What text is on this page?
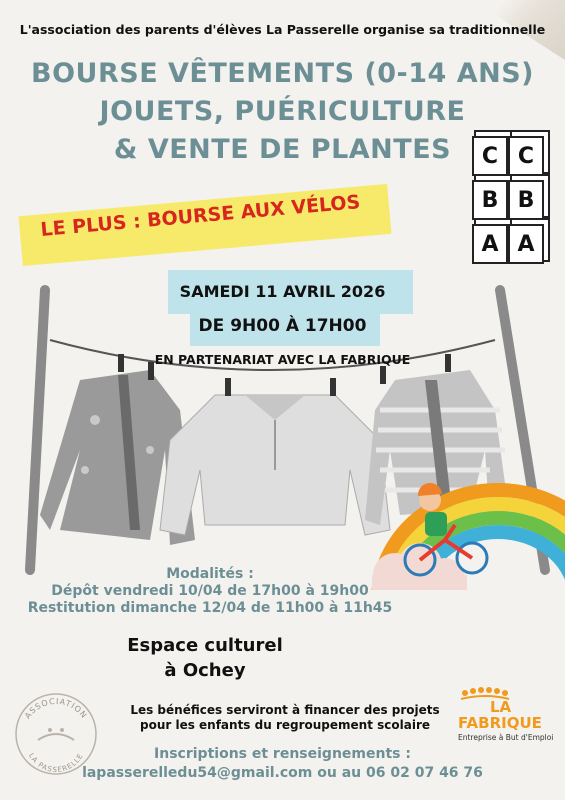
L'association des parents d'élèves La Passerelle organise sa traditionnelle
BOURSE VÊTEMENTS (0-14 ANS)
JOUETS, PUÉRICULTURE
& VENTE DE PLANTES	C C
B B
A A
LE PLUS : BOURSE AUX VÉLOS
SAMEDI 11 AVRIL 2026
DE 9H00 À 17H00
EN PARTENARIAT AVEC LA FABRIQUE
Modalités :
Dépôt vendredi 10/04 de 17h00 à 19h00
Restitution dimanche 12/04 de 11h00 à 11h45
Espace culturel
à Ochey
ASSOCIATION
LA PASSERELLE
Les bénéfices serviront à financer des projets
pour les enfants du regroupement scolaire
LA
FABRIQUE
Entreprise à But d'Emploi
Inscriptions et renseignements :
lapasserelledu54@gmail.com ou au 06 02 07 46 76
